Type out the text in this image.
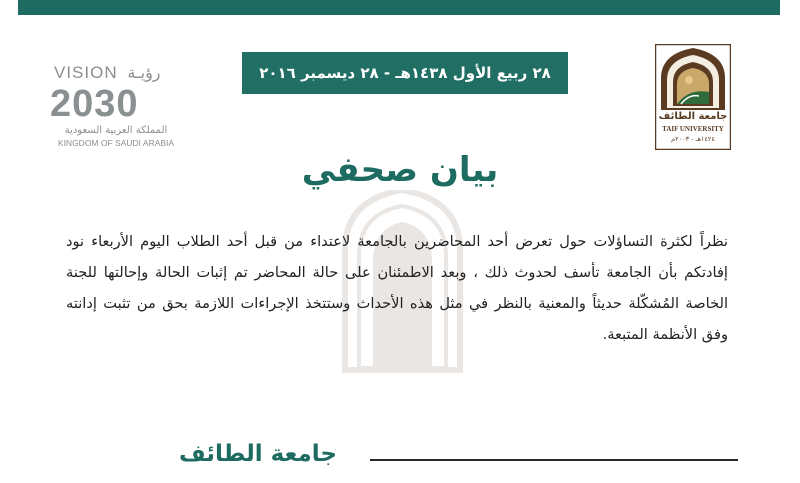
VISION رؤيـة
2030
المملكة العربية السعودية
KINGDOM OF SAUDI ARABIA
٢٨ ربيع الأول ١٤٣٨هـ - ٢٨ ديسمبر ٢٠١٦
جامعة الطائف
TAIF UNIVERSITY
١٤٢٤هـ - ٢٠٠٣م
بيان صحفي
نظراً لكثرة التساؤلات حول تعرض أحد المحاضرين بالجامعة لاعتداء من قبل أحد الطلاب اليوم الأربعاء نود إفادتكم بأن الجامعة تأسف لحدوث ذلك ، وبعد الاطمئنان على حالة المحاضر تم إثبات الحالة وإحالتها للجنة الخاصة المُشكّلة حديثاً والمعنية بالنظر في مثل هذه الأحداث وستتخذ الإجراءات اللازمة بحق من تثبت إدانته وفق الأنظمة المتبعة.
جامعة الطائف
